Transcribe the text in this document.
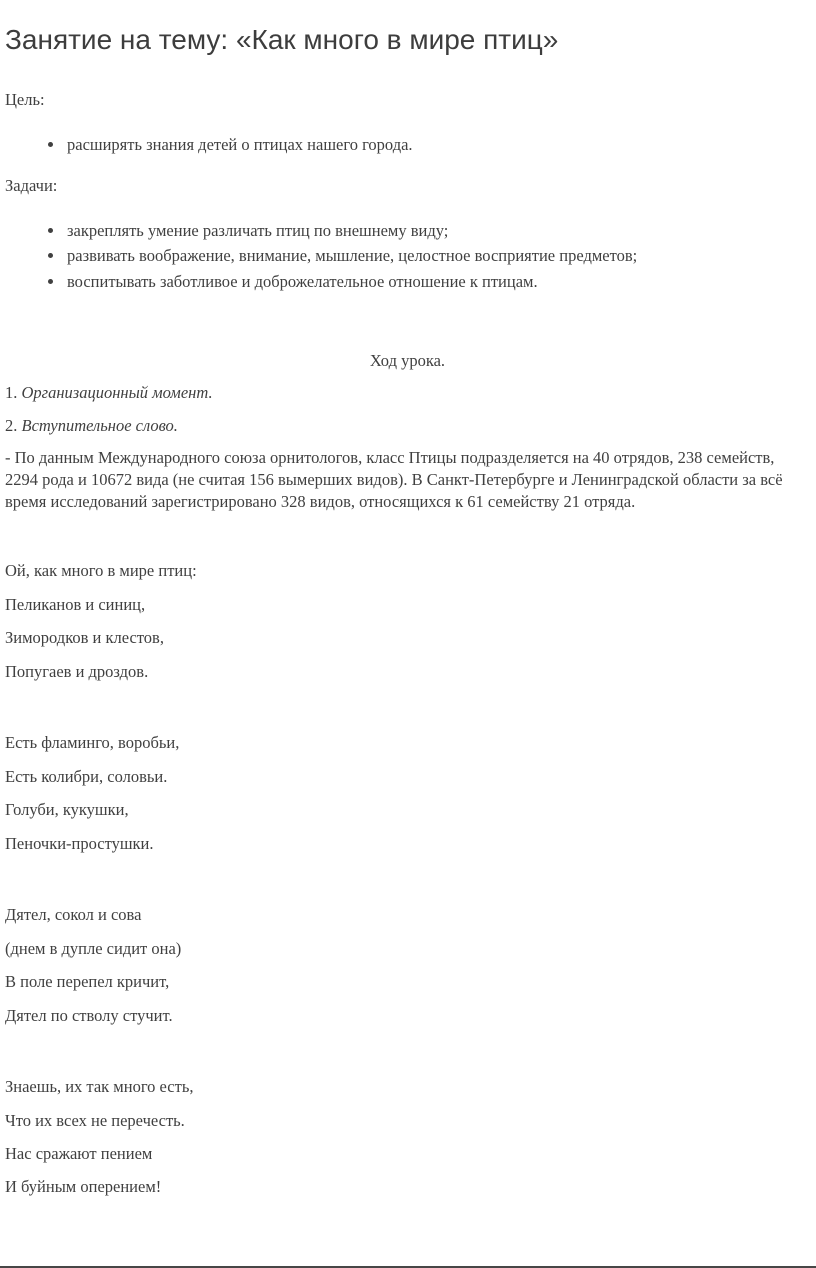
Занятие на тему: «Как много в мире птиц»

Цель:

• расширять знания детей о птицах нашего города.

Задачи:

• закреплять умение различать птиц по внешнему виду;
• развивать воображение, внимание, мышление, целостное восприятие предметов;
• воспитывать заботливое и доброжелательное отношение к птицам.

Ход урока.

1. Организационный момент.

2. Вступительное слово.

- По данным Международного союза орнитологов, класс Птицы подразделяется на 40 отрядов, 238 семейств, 2294 рода и 10672 вида (не считая 156 вымерших видов). В Санкт-Петербурге и Ленинградской области за всё время исследований зарегистрировано 328 видов, относящихся к 61 семейству 21 отряда.

Ой, как много в мире птиц:

Пеликанов и синиц,

Зимородков и клестов,

Попугаев и дроздов.

Есть фламинго, воробьи,

Есть колибри, соловьи.

Голуби, кукушки,

Пеночки-простушки.

Дятел, сокол и сова

(днем в дупле сидит она)

В поле перепел кричит,

Дятел по стволу стучит.

Знаешь, их так много есть,

Что их всех не перечесть.

Нас сражают пением

И буйным оперением!
